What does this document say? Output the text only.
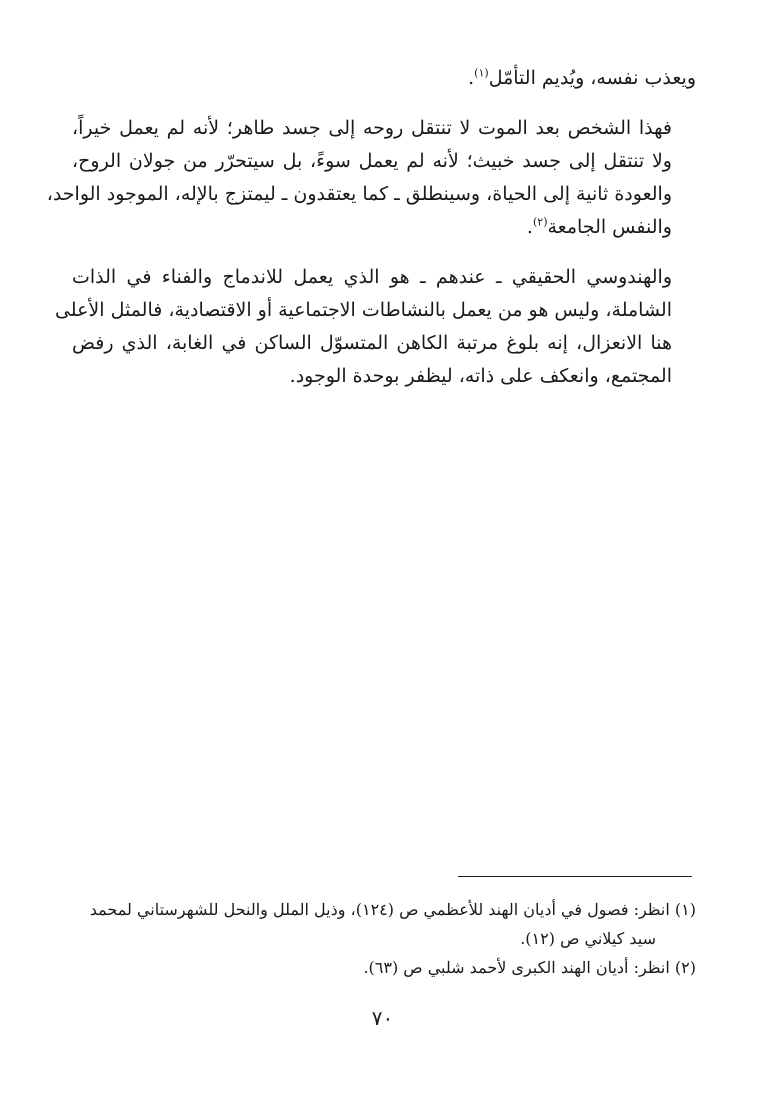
ويعذب نفسه، ويُديم التأمّل$^{(١)}$.

فهذا الشخص بعد الموت لا تنتقل روحه إلى جسد طاهر؛ لأنه لم يعمل خيراً،
ولا تنتقل إلى جسد خبيث؛ لأنه لم يعمل سوءً، بل سيتحرّر من جولان الروح،
والعودة ثانية إلى الحياة، وسينطلق ـ كما يعتقدون ـ ليمتزج بالإله، الموجود الواحد،
والنفس الجامعة$^{(٢)}$.

والهندوسي الحقيقي ـ عندهم ـ هو الذي يعمل للاندماج والفناء في الذات
الشاملة، وليس هو من يعمل بالنشاطات الاجتماعية أو الاقتصادية، فالمثل الأعلى
هنا الانعزال، إنه بلوغ مرتبة الكاهن المتسوّل الساكن في الغابة، الذي رفض
المجتمع، وانعكف على ذاته، ليظفر بوحدة الوجود.

(١) انظر: فصول في أديان الهند للأعظمي ص (١٢٤)، وذيل الملل والنحل للشهرستاني لمحمد
سيد كيلاني ص (١٢).
(٢) انظر: أديان الهند الكبرى لأحمد شلبي ص (٦٣).
٧٠
